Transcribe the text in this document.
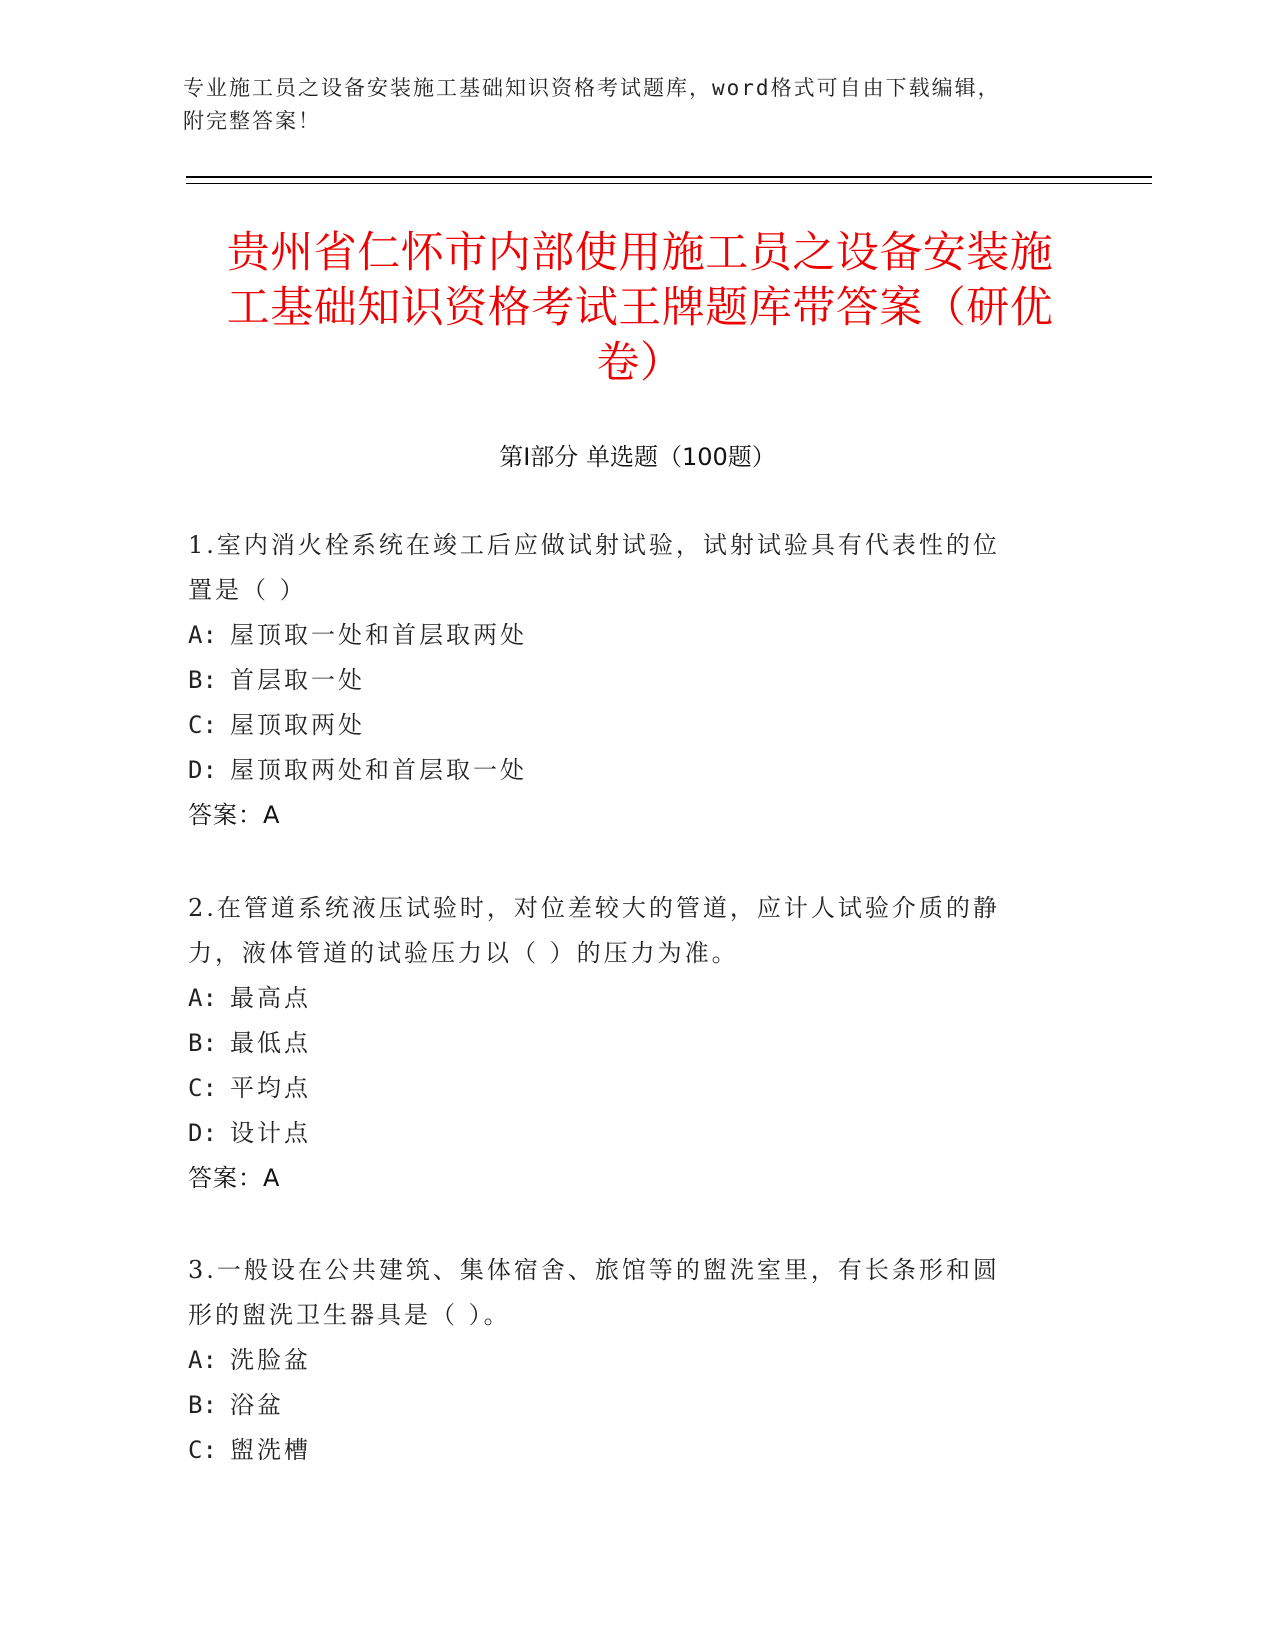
专业施工员之设备安装施工基础知识资格考试题库，word格式可自由下载编辑，
附完整答案！
贵州省仁怀市内部使用施工员之设备安装施
工基础知识资格考试王牌题库带答案（研优
卷）
第Ⅰ部分 单选题（100题）
1.室内消火栓系统在竣工后应做试射试验，试射试验具有代表性的位
置是（ ）
A: 屋顶取一处和首层取两处
B: 首层取一处
C: 屋顶取两处
D: 屋顶取两处和首层取一处
答案：A
2.在管道系统液压试验时，对位差较大的管道，应计人试验介质的静
力，液体管道的试验压力以（ ）的压力为准。
A: 最高点
B: 最低点
C: 平均点
D: 设计点
答案：A
3.一般设在公共建筑、集体宿舍、旅馆等的盥洗室里，有长条形和圆
形的盥洗卫生器具是（ ）。
A: 洗脸盆
B: 浴盆
C: 盥洗槽
